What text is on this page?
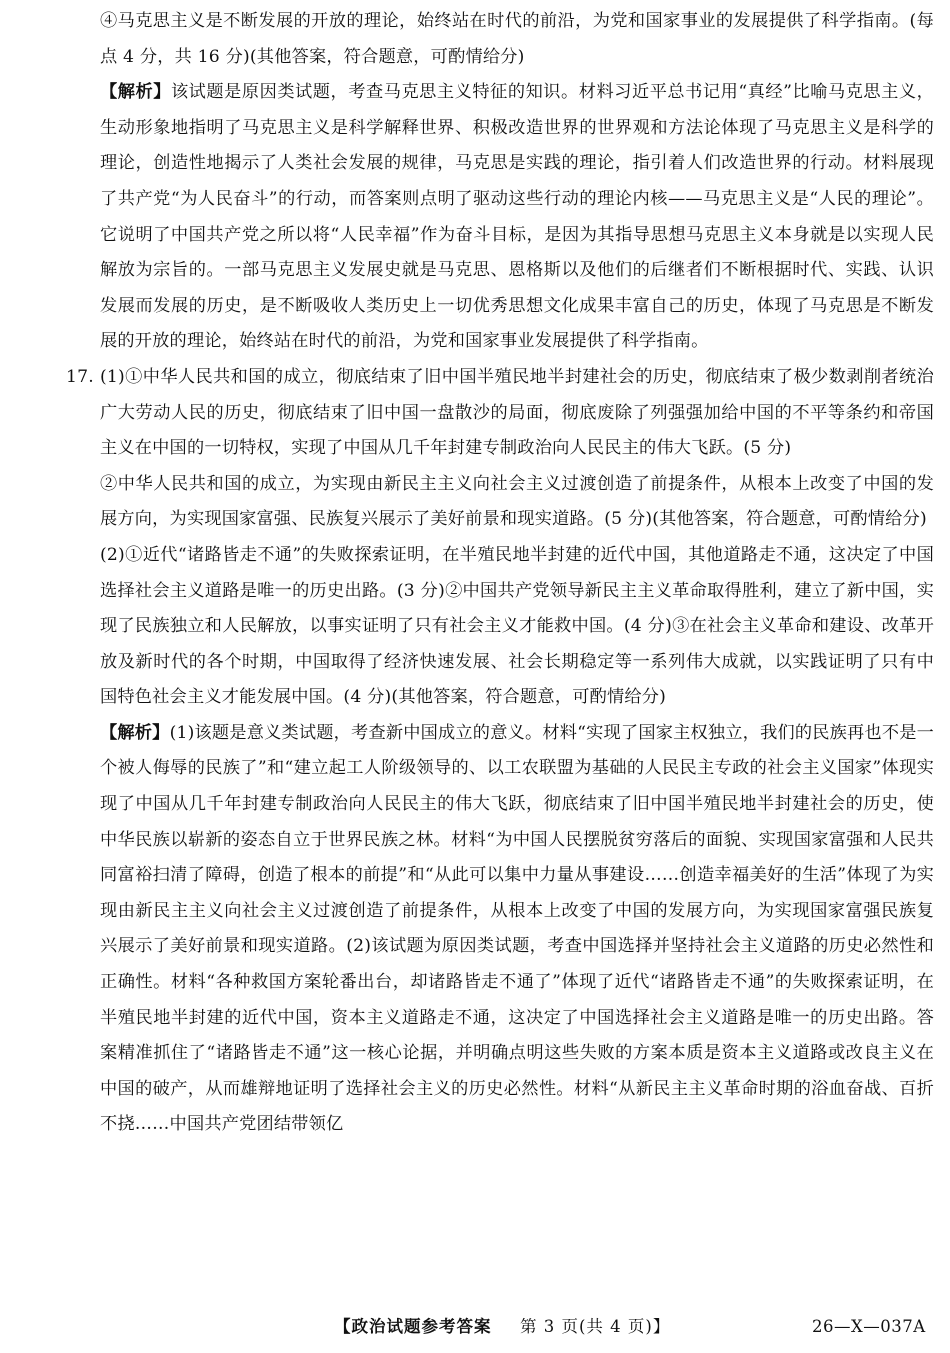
④马克思主义是不断发展的开放的理论，始终站在时代的前沿，为党和国家事业的发展提供了科学指南。(每点 4 分，共 16 分)(其他答案，符合题意，可酌情给分)

【解析】该试题是原因类试题，考查马克思主义特征的知识。材料习近平总书记用“真经”比喻马克思主义，生动形象地指明了马克思主义是科学解释世界、积极改造世界的世界观和方法论体现了马克思主义是科学的理论，创造性地揭示了人类社会发展的规律，马克思是实践的理论，指引着人们改造世界的行动。材料展现了共产党“为人民奋斗”的行动，而答案则点明了驱动这些行动的理论内核——马克思主义是“人民的理论”。它说明了中国共产党之所以将“人民幸福”作为奋斗目标，是因为其指导思想马克思主义本身就是以实现人民解放为宗旨的。一部马克思主义发展史就是马克思、恩格斯以及他们的后继者们不断根据时代、实践、认识发展而发展的历史，是不断吸收人类历史上一切优秀思想文化成果丰富自己的历史，体现了马克思是不断发展的开放的理论，始终站在时代的前沿，为党和国家事业发展提供了科学指南。

17. (1)①中华人民共和国的成立，彻底结束了旧中国半殖民地半封建社会的历史，彻底结束了极少数剥削者统治广大劳动人民的历史，彻底结束了旧中国一盘散沙的局面，彻底废除了列强强加给中国的不平等条约和帝国主义在中国的一切特权，实现了中国从几千年封建专制政治向人民民主的伟大飞跃。(5 分)

②中华人民共和国的成立，为实现由新民主主义向社会主义过渡创造了前提条件，从根本上改变了中国的发展方向，为实现国家富强、民族复兴展示了美好前景和现实道路。(5 分)(其他答案，符合题意，可酌情给分)

(2)①近代“诸路皆走不通”的失败探索证明，在半殖民地半封建的近代中国，其他道路走不通，这决定了中国选择社会主义道路是唯一的历史出路。(3 分)②中国共产党领导新民主主义革命取得胜利，建立了新中国，实现了民族独立和人民解放，以事实证明了只有社会主义才能救中国。(4 分)③在社会主义革命和建设、改革开放及新时代的各个时期，中国取得了经济快速发展、社会长期稳定等一系列伟大成就，以实践证明了只有中国特色社会主义才能发展中国。(4 分)(其他答案，符合题意，可酌情给分)

【解析】(1)该题是意义类试题，考查新中国成立的意义。材料“实现了国家主权独立，我们的民族再也不是一个被人侮辱的民族了”和“建立起工人阶级领导的、以工农联盟为基础的人民民主专政的社会主义国家”体现实现了中国从几千年封建专制政治向人民民主的伟大飞跃，彻底结束了旧中国半殖民地半封建社会的历史，使中华民族以崭新的姿态自立于世界民族之林。材料“为中国人民摆脱贫穷落后的面貌、实现国家富强和人民共同富裕扫清了障碍，创造了根本的前提”和“从此可以集中力量从事建设……创造幸福美好的生活”体现了为实现由新民主主义向社会主义过渡创造了前提条件，从根本上改变了中国的发展方向，为实现国家富强民族复兴展示了美好前景和现实道路。(2)该试题为原因类试题，考查中国选择并坚持社会主义道路的历史必然性和正确性。材料“各种救国方案轮番出台，却诸路皆走不通了”体现了近代“诸路皆走不通”的失败探索证明，在半殖民地半封建的近代中国，资本主义道路走不通，这决定了中国选择社会主义道路是唯一的历史出路。答案精准抓住了“诸路皆走不通”这一核心论据，并明确点明这些失败的方案本质是资本主义道路或改良主义在中国的破产，从而雄辩地证明了选择社会主义的历史必然性。材料“从新民主主义革命时期的浴血奋战、百折不挠……中国共产党团结带领亿

【政治试题参考答案 第 3 页(共 4 页)】	26—X—037A
